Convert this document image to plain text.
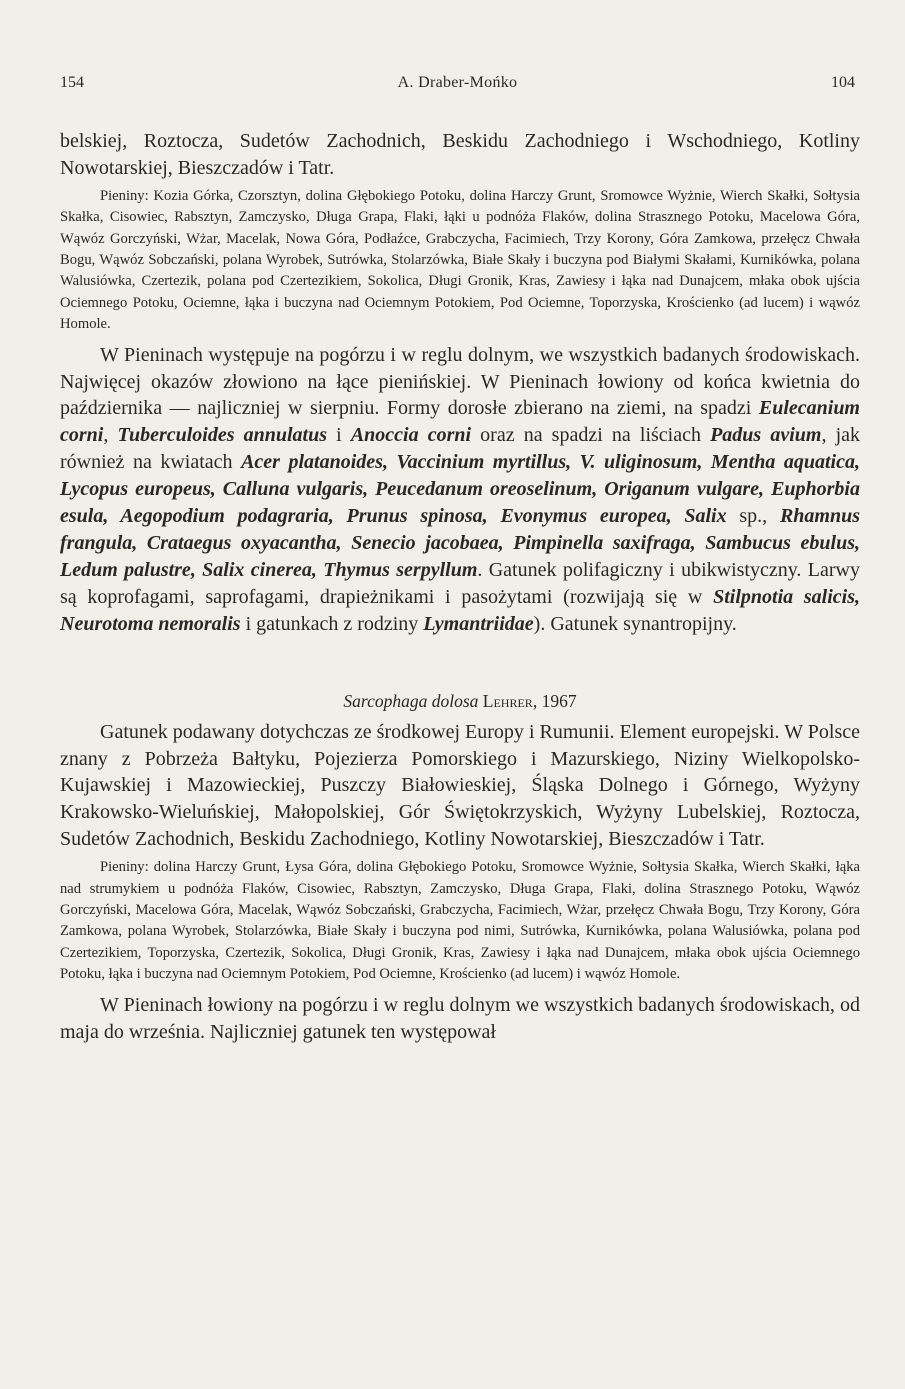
154	A. Draber-Mońko	104

belskiej, Roztocza, Sudetów Zachodnich, Beskidu Zachodniego i Wschodniego, Kotliny Nowotarskiej, Bieszczadów i Tatr.

Pieniny: Kozia Górka, Czorsztyn, dolina Głębokiego Potoku, dolina Harczy Grunt, Sromowce Wyżnie, Wierch Skałki, Sołtysia Skałka, Cisowiec, Rabsztyn, Zamczysko, Długa Grapa, Flaki, łąki u podnóża Flaków, dolina Strasznego Potoku, Macelowa Góra, Wąwóz Gorczyński, Wżar, Macelak, Nowa Góra, Podłaźce, Grabczycha, Facimiech, Trzy Korony, Góra Zamkowa, przełęcz Chwała Bogu, Wąwóz Sobczański, polana Wyrobek, Sutrówka, Stolarzówka, Białe Skały i buczyna pod Białymi Skałami, Kurnikówka, polana Walusiówka, Czertezik, polana pod Czertezikiem, Sokolica, Długi Gronik, Kras, Zawiesy i łąka nad Dunajcem, młaka obok ujścia Ociemnego Potoku, Ociemne, łąka i buczyna nad Ociemnym Potokiem, Pod Ociemne, Toporzyska, Krościenko (ad lucem) i wąwóz Homole.

W Pieninach występuje na pogórzu i w reglu dolnym, we wszystkich badanych środowiskach. Najwięcej okazów złowiono na łące pienińskiej. W Pieninach łowiony od końca kwietnia do października — najliczniej w sierpniu. Formy dorosłe zbierano na ziemi, na spadzi Eulecanium corni, Tuberculoides annulatus i Anoccia corni oraz na spadzi na liściach Padus avium, jak również na kwiatach Acer platanoides, Vaccinium myrtillus, V. uliginosum, Mentha aquatica, Lycopus europeus, Calluna vulgaris, Peucedanum oreoselinum, Origanum vulgare, Euphorbia esula, Aegopodium podagraria, Prunus spinosa, Evonymus europea, Salix sp., Rhamnus frangula, Crataegus oxyacantha, Senecio jacobaea, Pimpinella saxifraga, Sambucus ebulus, Ledum palustre, Salix cinerea, Thymus serpyllum. Gatunek polifagiczny i ubikwistyczny. Larwy są koprofagami, saprofagami, drapieżnikami i pasożytami (rozwijają się w Stilpnotia salicis, Neurotoma nemoralis i gatunkach z rodziny Lymantriidae). Gatunek synantropijny.

Sarcophaga dolosa Lehrer, 1967

Gatunek podawany dotychczas ze środkowej Europy i Rumunii. Element europejski. W Polsce znany z Pobrzeża Bałtyku, Pojezierza Pomorskiego i Mazurskiego, Niziny Wielkopolsko-Kujawskiej i Mazowieckiej, Puszczy Białowieskiej, Śląska Dolnego i Górnego, Wyżyny Krakowsko-Wieluńskiej, Małopolskiej, Gór Świętokrzyskich, Wyżyny Lubelskiej, Roztocza, Sudetów Zachodnich, Beskidu Zachodniego, Kotliny Nowotarskiej, Bieszczadów i Tatr.

Pieniny: dolina Harczy Grunt, Łysa Góra, dolina Głębokiego Potoku, Sromowce Wyżnie, Sołtysia Skałka, Wierch Skałki, łąka nad strumykiem u podnóża Flaków, Cisowiec, Rabsztyn, Zamczysko, Długa Grapa, Flaki, dolina Strasznego Potoku, Wąwóz Gorczyński, Macelowa Góra, Macelak, Wąwóz Sobczański, Grabczycha, Facimiech, Wżar, przełęcz Chwała Bogu, Trzy Korony, Góra Zamkowa, polana Wyrobek, Stolarzówka, Białe Skały i buczyna pod nimi, Sutrówka, Kurnikówka, polana Walusiówka, polana pod Czertezikiem, Toporzyska, Czertezik, Sokolica, Długi Gronik, Kras, Zawiesy i łąka nad Dunajcem, młaka obok ujścia Ociemnego Potoku, łąka i buczyna nad Ociemnym Potokiem, Pod Ociemne, Krościenko (ad lucem) i wąwóz Homole.

W Pieninach łowiony na pogórzu i w reglu dolnym we wszystkich badanych środowiskach, od maja do września. Najliczniej gatunek ten występował
